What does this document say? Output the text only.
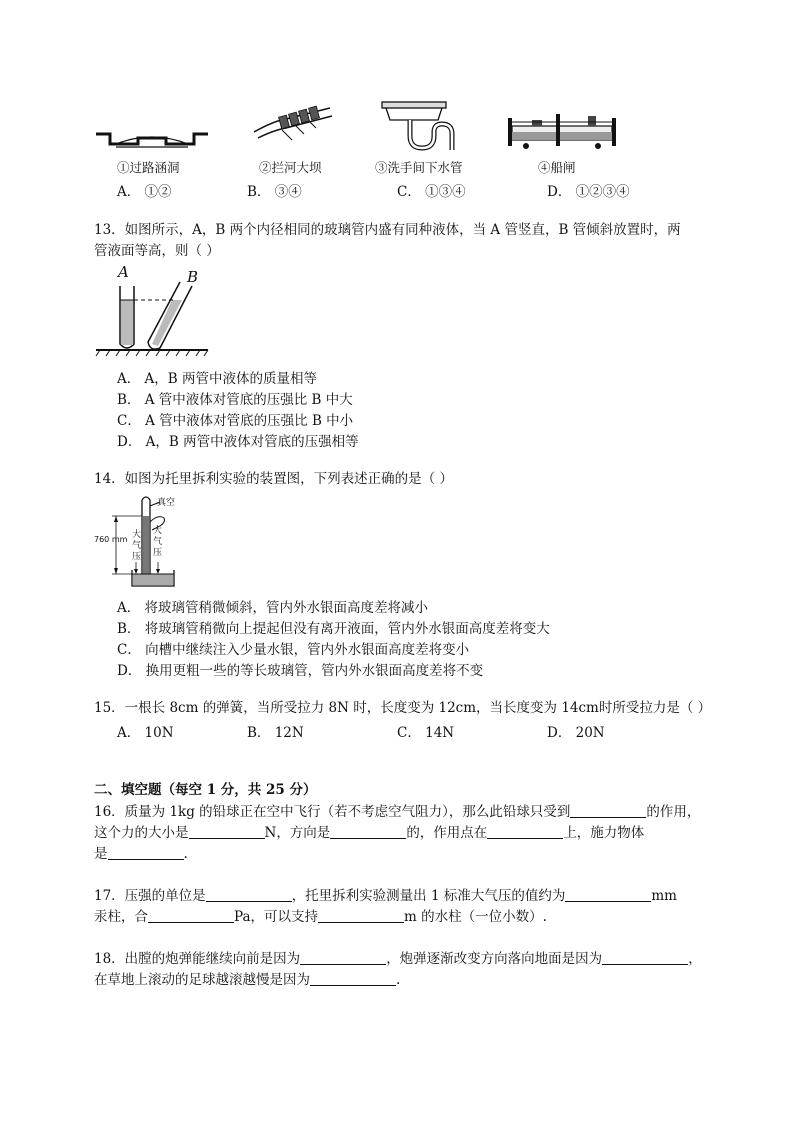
①过路涵洞	②拦河大坝	③洗手间下水管	④船闸
A． ①②	B． ③④	C． ①③④	D． ①②③④
13．如图所示，A，B 两个内径相同的玻璃管内盛有同种液体，当 A 管竖直，B 管倾斜放置时，两
管液面等高，则（ ）
A	B
A． A，B 两管中液体的质量相等
B． A 管中液体对管底的压强比 B 中大
C． A 管中液体对管底的压强比 B 中小
D． A，B 两管中液体对管底的压强相等
14．如图为托里拆利实验的装置图，下列表述正确的是（ ）
真空
760 mm 大
气
压
大
气
压
A． 将玻璃管稍微倾斜，管内外水银面高度差将减小
B． 将玻璃管稍微向上提起但没有离开液面，管内外水银面高度差将变大
C． 向槽中继续注入少量水银，管内外水银面高度差将变小
D． 换用更粗一些的等长玻璃管，管内外水银面高度差将不变
15．一根长 8cm 的弹簧，当所受拉力 8N 时，长度变为 12cm，当长度变为 14cm时所受拉力是（ ）
A． 10N	B． 12N	C． 14N	D． 20N
二、填空题（每空 1 分，共 25 分）
16．质量为 1kg 的铅球正在空中飞行（若不考虑空气阻力），那么此铅球只受到	的作用，
这个力的大小是	N，方向是	的，作用点在	上，施力物体
是	.
17．压强的单位是	，托里拆利实验测量出 1 标准大气压的值约为	mm
汞柱，合	Pa，可以支持	m 的水柱（一位小数）.
18．出膛的炮弹能继续向前是因为	，炮弹逐渐改变方向落向地面是因为	，
在草地上滚动的足球越滚越慢是因为	.
